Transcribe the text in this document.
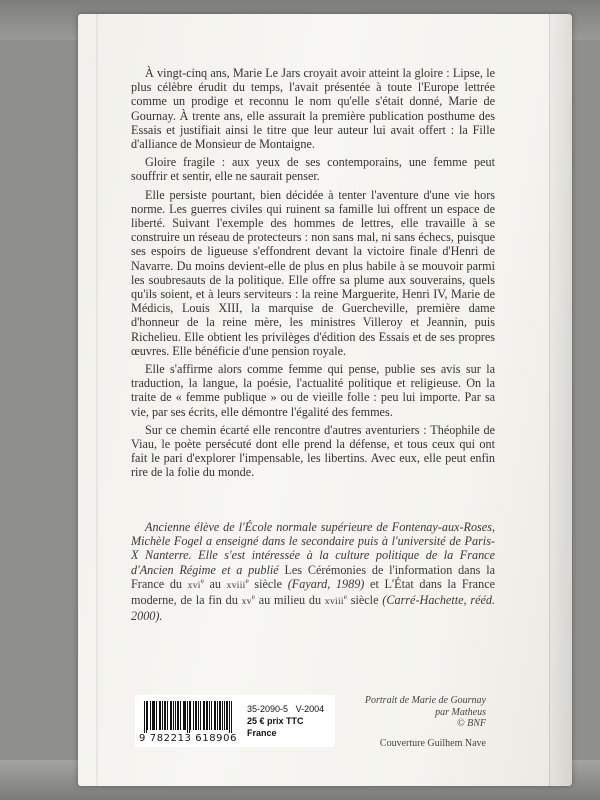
À vingt-cinq ans, Marie Le Jars croyait avoir atteint la gloire : Lipse, le plus célèbre érudit du temps, l'avait présentée à toute l'Europe lettrée comme un prodige et reconnu le nom qu'elle s'était donné, Marie de Gournay. À trente ans, elle assurait la première publication posthume des Essais et justifiait ainsi le titre que leur auteur lui avait offert : la Fille d'alliance de Monsieur de Montaigne.

Gloire fragile : aux yeux de ses contemporains, une femme peut souffrir et sentir, elle ne saurait penser.

Elle persiste pourtant, bien décidée à tenter l'aventure d'une vie hors norme. Les guerres civiles qui ruinent sa famille lui offrent un espace de liberté. Suivant l'exemple des hommes de lettres, elle travaille à se construire un réseau de protecteurs : non sans mal, ni sans échecs, puisque ses espoirs de ligueuse s'effondrent devant la victoire finale d'Henri de Navarre. Du moins devient-elle de plus en plus habile à se mouvoir parmi les soubresauts de la politique. Elle offre sa plume aux souverains, quels qu'ils soient, et à leurs serviteurs : la reine Marguerite, Henri IV, Marie de Médicis, Louis XIII, la marquise de Guercheville, première dame d'honneur de la reine mère, les ministres Villeroy et Jeannin, puis Richelieu. Elle obtient les privilèges d'édition des Essais et de ses propres œuvres. Elle bénéficie d'une pension royale.

Elle s'affirme alors comme femme qui pense, publie ses avis sur la traduction, la langue, la poésie, l'actualité politique et religieuse. On la traite de « femme publique » ou de vieille folle : peu lui importe. Par sa vie, par ses écrits, elle démontre l'égalité des femmes.

Sur ce chemin écarté elle rencontre d'autres aventuriers : Théophile de Viau, le poète persécuté dont elle prend la défense, et tous ceux qui ont fait le pari d'explorer l'impensable, les libertins. Avec eux, elle peut enfin rire de la folie du monde.

Ancienne élève de l'École normale supérieure de Fontenay-aux-Roses, Michèle Fogel a enseigné dans le secondaire puis à l'université de Paris-X Nanterre. Elle s'est intéressée à la culture politique de la France d'Ancien Régime et a publié Les Cérémonies de l'information dans la France du xvi$^e$ au xviii$^e$ siècle (Fayard, 1989) et L'État dans la France moderne, de la fin du $xv^e$ au milieu du xviii$^e$ siècle (Carré-Hachette, rééd. 2000).
9 782213 618906
35-2090-5 V-2004
25 € prix TTC France
Portrait de Marie de Gournay
par Matheus
© BNF
Couverture Guilhem Nave
